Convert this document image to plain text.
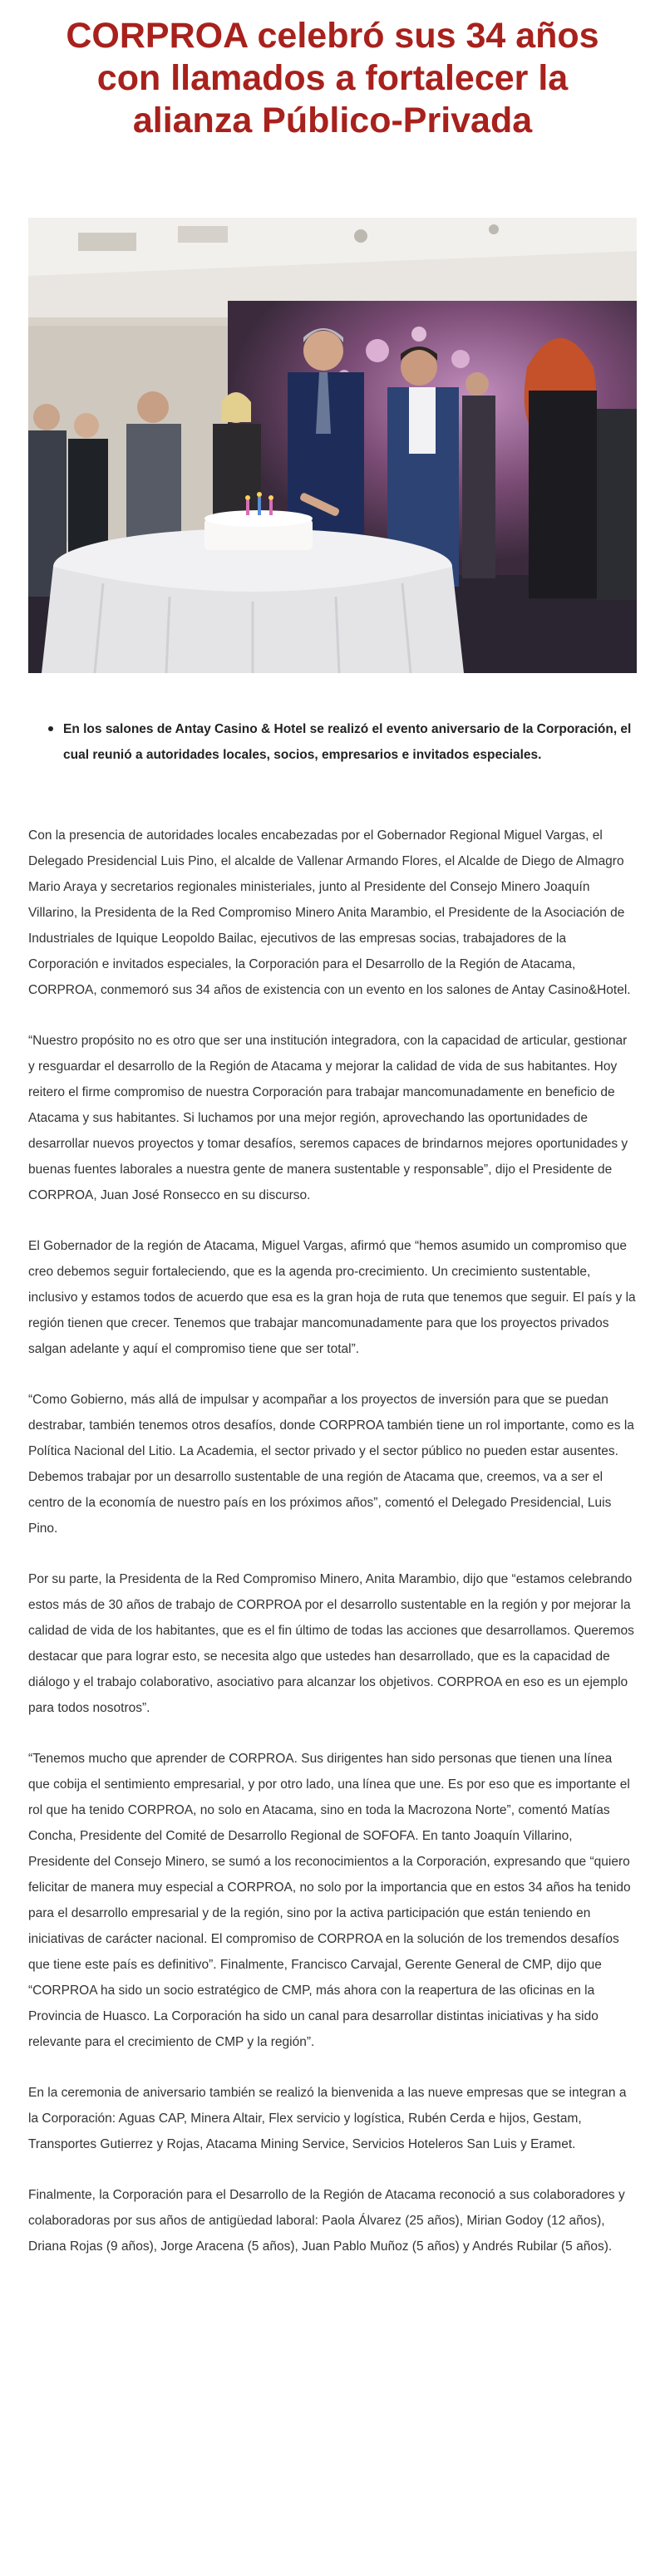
CORPROA celebró sus 34 años con llamados a fortalecer la alianza Público-Privada
En los salones de Antay Casino & Hotel se realizó el evento aniversario de la Corporación, el cual reunió a autoridades locales, socios, empresarios e invitados especiales.

Con la presencia de autoridades locales encabezadas por el Gobernador Regional Miguel Vargas, el Delegado Presidencial Luis Pino, el alcalde de Vallenar Armando Flores, el Alcalde de Diego de Almagro Mario Araya y secretarios regionales ministeriales, junto al Presidente del Consejo Minero Joaquín Villarino, la Presidenta de la Red Compromiso Minero Anita Marambio, el Presidente de la Asociación de Industriales de Iquique Leopoldo Bailac, ejecutivos de las empresas socias, trabajadores de la Corporación e invitados especiales, la Corporación para el Desarrollo de la Región de Atacama, CORPROA, conmemoró sus 34 años de existencia con un evento en los salones de Antay Casino&Hotel.

“Nuestro propósito no es otro que ser una institución integradora, con la capacidad de articular, gestionar y resguardar el desarrollo de la Región de Atacama y mejorar la calidad de vida de sus habitantes. Hoy reitero el firme compromiso de nuestra Corporación para trabajar mancomunadamente en beneficio de Atacama y sus habitantes. Si luchamos por una mejor región, aprovechando las oportunidades de desarrollar nuevos proyectos y tomar desafíos, seremos capaces de brindarnos mejores oportunidades y buenas fuentes laborales a nuestra gente de manera sustentable y responsable”, dijo el Presidente de CORPROA, Juan José Ronsecco en su discurso.

El Gobernador de la región de Atacama, Miguel Vargas, afirmó que “hemos asumido un compromiso que creo debemos seguir fortaleciendo, que es la agenda pro-crecimiento. Un crecimiento sustentable, inclusivo y estamos todos de acuerdo que esa es la gran hoja de ruta que tenemos que seguir. El país y la región tienen que crecer. Tenemos que trabajar mancomunadamente para que los proyectos privados salgan adelante y aquí el compromiso tiene que ser total”.

“Como Gobierno, más allá de impulsar y acompañar a los proyectos de inversión para que se puedan destrabar, también tenemos otros desafíos, donde CORPROA también tiene un rol importante, como es la Política Nacional del Litio. La Academia, el sector privado y el sector público no pueden estar ausentes. Debemos trabajar por un desarrollo sustentable de una región de Atacama que, creemos, va a ser el centro de la economía de nuestro país en los próximos años”, comentó el Delegado Presidencial, Luis Pino.

Por su parte, la Presidenta de la Red Compromiso Minero, Anita Marambio, dijo que “estamos celebrando estos más de 30 años de trabajo de CORPROA por el desarrollo sustentable en la región y por mejorar la calidad de vida de los habitantes, que es el fin último de todas las acciones que desarrollamos. Queremos destacar que para lograr esto, se necesita algo que ustedes han desarrollado, que es la capacidad de diálogo y el trabajo colaborativo, asociativo para alcanzar los objetivos. CORPROA en eso es un ejemplo para todos nosotros”.

“Tenemos mucho que aprender de CORPROA. Sus dirigentes han sido personas que tienen una línea que cobija el sentimiento empresarial, y por otro lado, una línea que une. Es por eso que es importante el rol que ha tenido CORPROA, no solo en Atacama, sino en toda la Macrozona Norte”, comentó Matías Concha, Presidente del Comité de Desarrollo Regional de SOFOFA. En tanto Joaquín Villarino, Presidente del Consejo Minero, se sumó a los reconocimientos a la Corporación, expresando que “quiero felicitar de manera muy especial a CORPROA, no solo por la importancia que en estos 34 años ha tenido para el desarrollo empresarial y de la región, sino por la activa participación que están teniendo en iniciativas de carácter nacional. El compromiso de CORPROA en la solución de los tremendos desafíos que tiene este país es definitivo”. Finalmente, Francisco Carvajal, Gerente General de CMP, dijo que “CORPROA ha sido un socio estratégico de CMP, más ahora con la reapertura de las oficinas en la Provincia de Huasco. La Corporación ha sido un canal para desarrollar distintas iniciativas y ha sido relevante para el crecimiento de CMP y la región”.

En la ceremonia de aniversario también se realizó la bienvenida a las nueve empresas que se integran a la Corporación: Aguas CAP, Minera Altair, Flex servicio y logística, Rubén Cerda e hijos, Gestam, Transportes Gutierrez y Rojas, Atacama Mining Service, Servicios Hoteleros San Luis y Eramet.

Finalmente, la Corporación para el Desarrollo de la Región de Atacama reconoció a sus colaboradores y colaboradoras por sus años de antigüedad laboral: Paola Álvarez (25 años), Mirian Godoy (12 años), Driana Rojas (9 años), Jorge Aracena (5 años), Juan Pablo Muñoz (5 años) y Andrés Rubilar (5 años).
